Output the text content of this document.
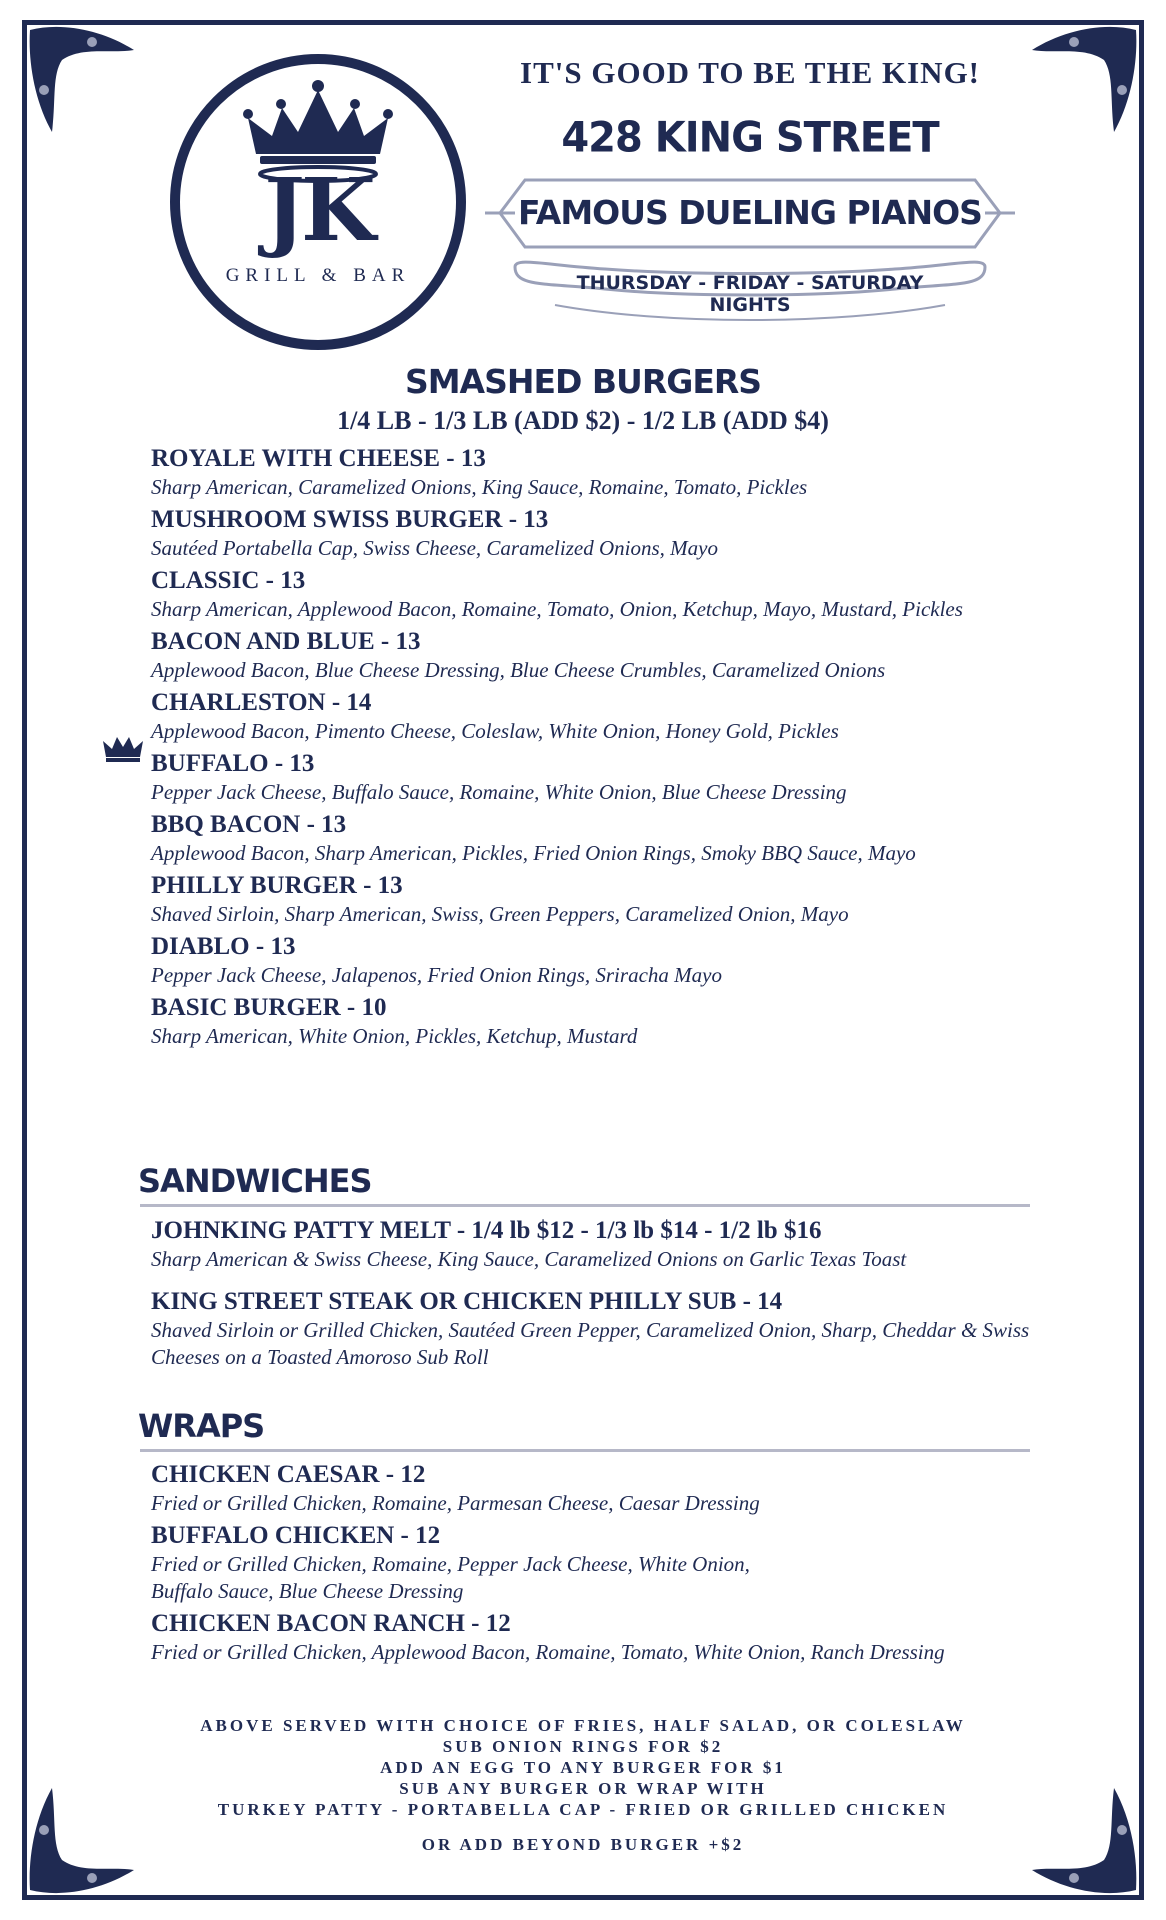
JK
GRILL & BAR
IT'S GOOD TO BE THE KING!
428 KING STREET
FAMOUS DUELING PIANOS
THURSDAY - FRIDAY - SATURDAY NIGHTS
SMASHED BURGERS
1/4 LB - 1/3 LB (ADD $2) - 1/2 LB (ADD $4)
ROYALE WITH CHEESE - 13
Sharp American, Caramelized Onions, King Sauce, Romaine, Tomato, Pickles
MUSHROOM SWISS BURGER - 13
Sautéed Portabella Cap, Swiss Cheese, Caramelized Onions, Mayo
CLASSIC - 13
Sharp American, Applewood Bacon, Romaine, Tomato, Onion, Ketchup, Mayo, Mustard, Pickles
BACON AND BLUE - 13
Applewood Bacon, Blue Cheese Dressing, Blue Cheese Crumbles, Caramelized Onions
CHARLESTON - 14
Applewood Bacon, Pimento Cheese, Coleslaw, White Onion, Honey Gold, Pickles
BUFFALO - 13
Pepper Jack Cheese, Buffalo Sauce, Romaine, White Onion, Blue Cheese Dressing
BBQ BACON - 13
Applewood Bacon, Sharp American, Pickles, Fried Onion Rings, Smoky BBQ Sauce, Mayo
PHILLY BURGER - 13
Shaved Sirloin, Sharp American, Swiss, Green Peppers, Caramelized Onion, Mayo
DIABLO - 13
Pepper Jack Cheese, Jalapenos, Fried Onion Rings, Sriracha Mayo
BASIC BURGER - 10
Sharp American, White Onion, Pickles, Ketchup, Mustard
SANDWICHES
JOHNKING PATTY MELT - 1/4 lb $12 - 1/3 lb $14 - 1/2 lb $16
Sharp American & Swiss Cheese, King Sauce, Caramelized Onions on Garlic Texas Toast
KING STREET STEAK OR CHICKEN PHILLY SUB - 14
Shaved Sirloin or Grilled Chicken, Sautéed Green Pepper, Caramelized Onion, Sharp, Cheddar & Swiss Cheeses on a Toasted Amoroso Sub Roll
WRAPS
CHICKEN CAESAR - 12
Fried or Grilled Chicken, Romaine, Parmesan Cheese, Caesar Dressing
BUFFALO CHICKEN - 12
Fried or Grilled Chicken, Romaine, Pepper Jack Cheese, White Onion, Buffalo Sauce, Blue Cheese Dressing
CHICKEN BACON RANCH - 12
Fried or Grilled Chicken, Applewood Bacon, Romaine, Tomato, White Onion, Ranch Dressing
ABOVE SERVED WITH CHOICE OF FRIES, HALF SALAD, OR COLESLAW
SUB ONION RINGS FOR $2
ADD AN EGG TO ANY BURGER FOR $1
SUB ANY BURGER OR WRAP WITH
TURKEY PATTY - PORTABELLA CAP - FRIED OR GRILLED CHICKEN
OR ADD BEYOND BURGER +$2
